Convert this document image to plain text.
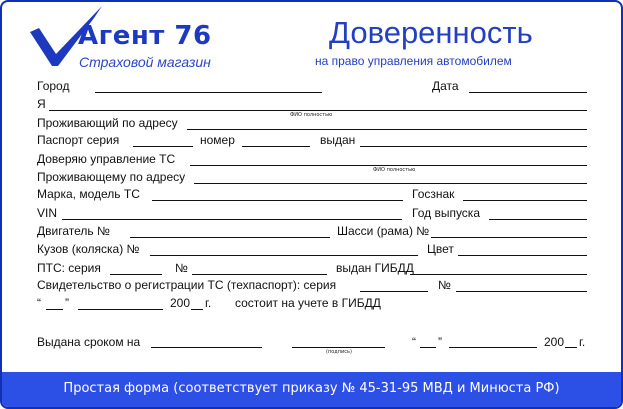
Агент 76
Страховой магазин
Доверенность
на право управления автомобилем
Город	Дата
Я
ФИО полностью
Проживающий по адресу
Паспорт серия	номер	выдан
Доверяю управление ТС
ФИО полностью
Проживающему по адресу
Марка, модель ТС	Госзнак
VIN	Год выпуска
Двигатель №	Шасси (рама) №
Кузов (коляска) №	Цвет
ПТС: серия	№	выдан ГИБДД
Свидетельство о регистрации ТС (техпаспорт): серия	№
“ ”	200 г. состоит на учете в ГИБДД
Выдана сроком на
(подпись)
“ ”	200 г.
Простая форма (соответствует приказу № 45-31-95 МВД и Минюста РФ)
